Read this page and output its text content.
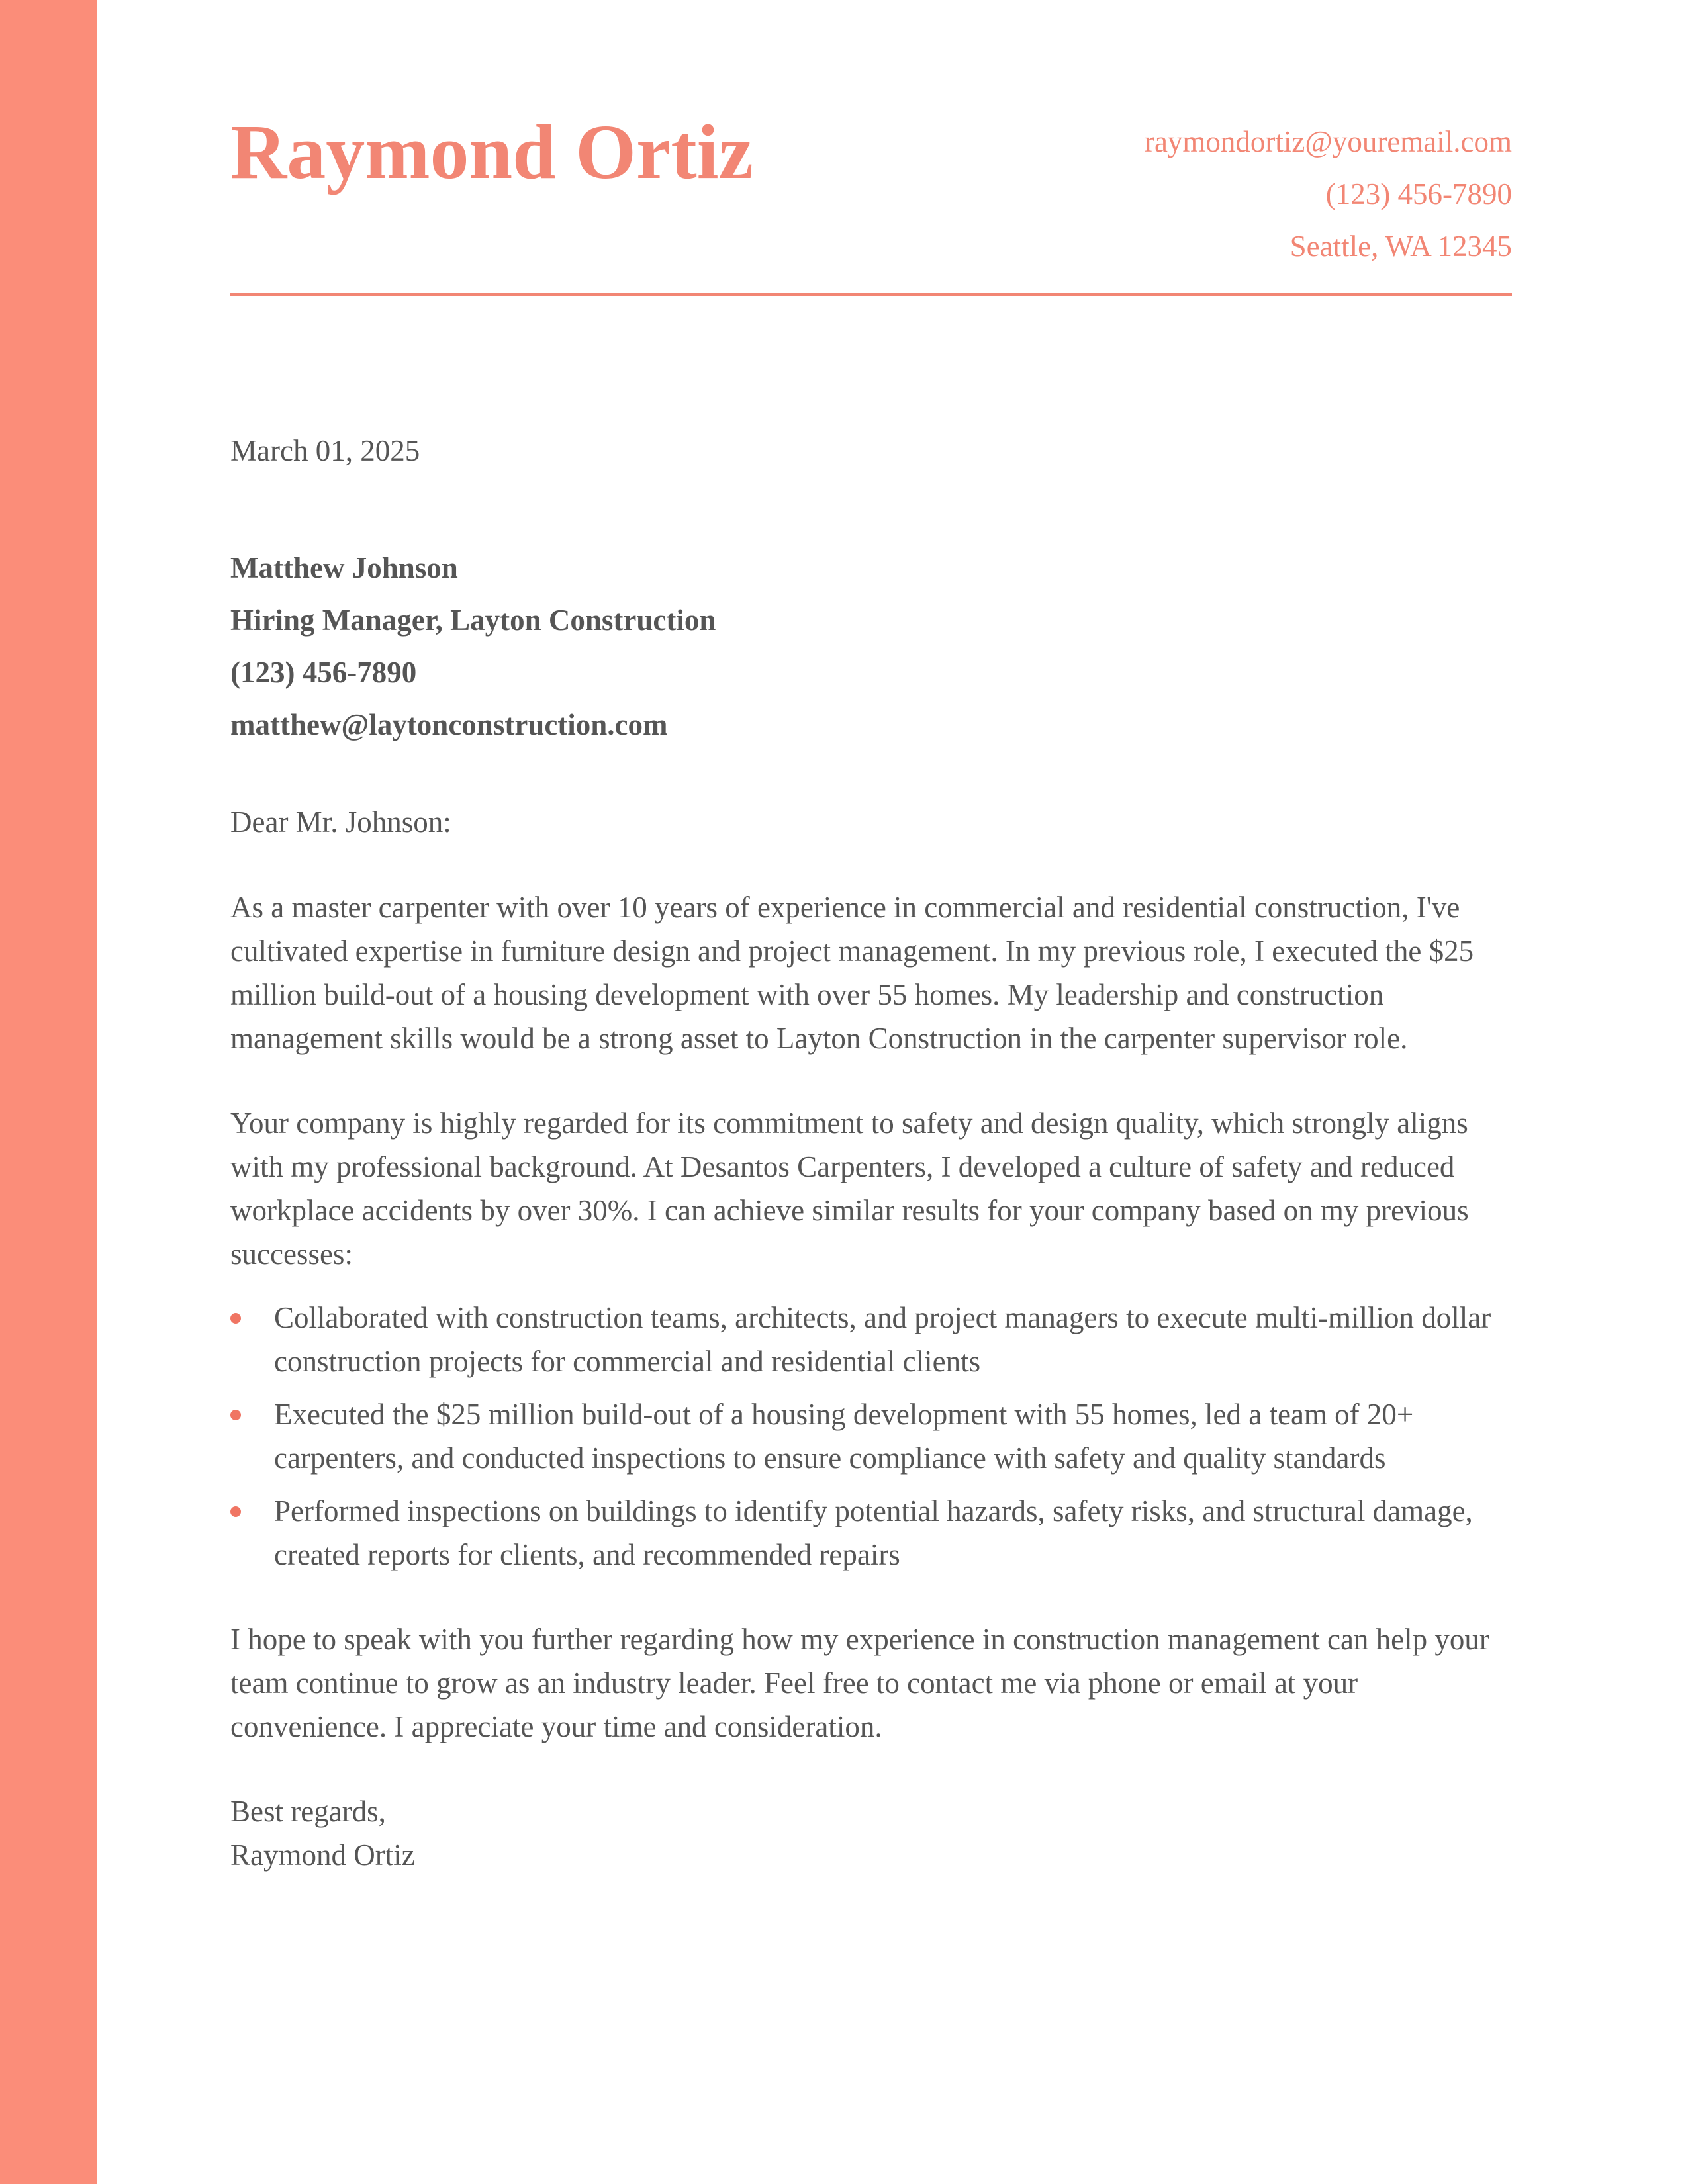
Raymond Ortiz	raymondortiz@youremail.com
(123) 456-7890
Seattle, WA 12345

March 01, 2025

Matthew Johnson
Hiring Manager, Layton Construction
(123) 456-7890
matthew@laytonconstruction.com

Dear Mr. Johnson:

As a master carpenter with over 10 years of experience in commercial and residential construction, I've cultivated expertise in furniture design and project management. In my previous role, I executed the $25 million build-out of a housing development with over 55 homes. My leadership and construction management skills would be a strong asset to Layton Construction in the carpenter supervisor role.

Your company is highly regarded for its commitment to safety and design quality, which strongly aligns with my professional background. At Desantos Carpenters, I developed a culture of safety and reduced workplace accidents by over 30%. I can achieve similar results for your company based on my previous successes:

Collaborated with construction teams, architects, and project managers to execute multi-million dollar construction projects for commercial and residential clients
Executed the $25 million build-out of a housing development with 55 homes, led a team of 20+ carpenters, and conducted inspections to ensure compliance with safety and quality standards
Performed inspections on buildings to identify potential hazards, safety risks, and structural damage, created reports for clients, and recommended repairs

I hope to speak with you further regarding how my experience in construction management can help your team continue to grow as an industry leader. Feel free to contact me via phone or email at your convenience. I appreciate your time and consideration.

Best regards,
Raymond Ortiz
